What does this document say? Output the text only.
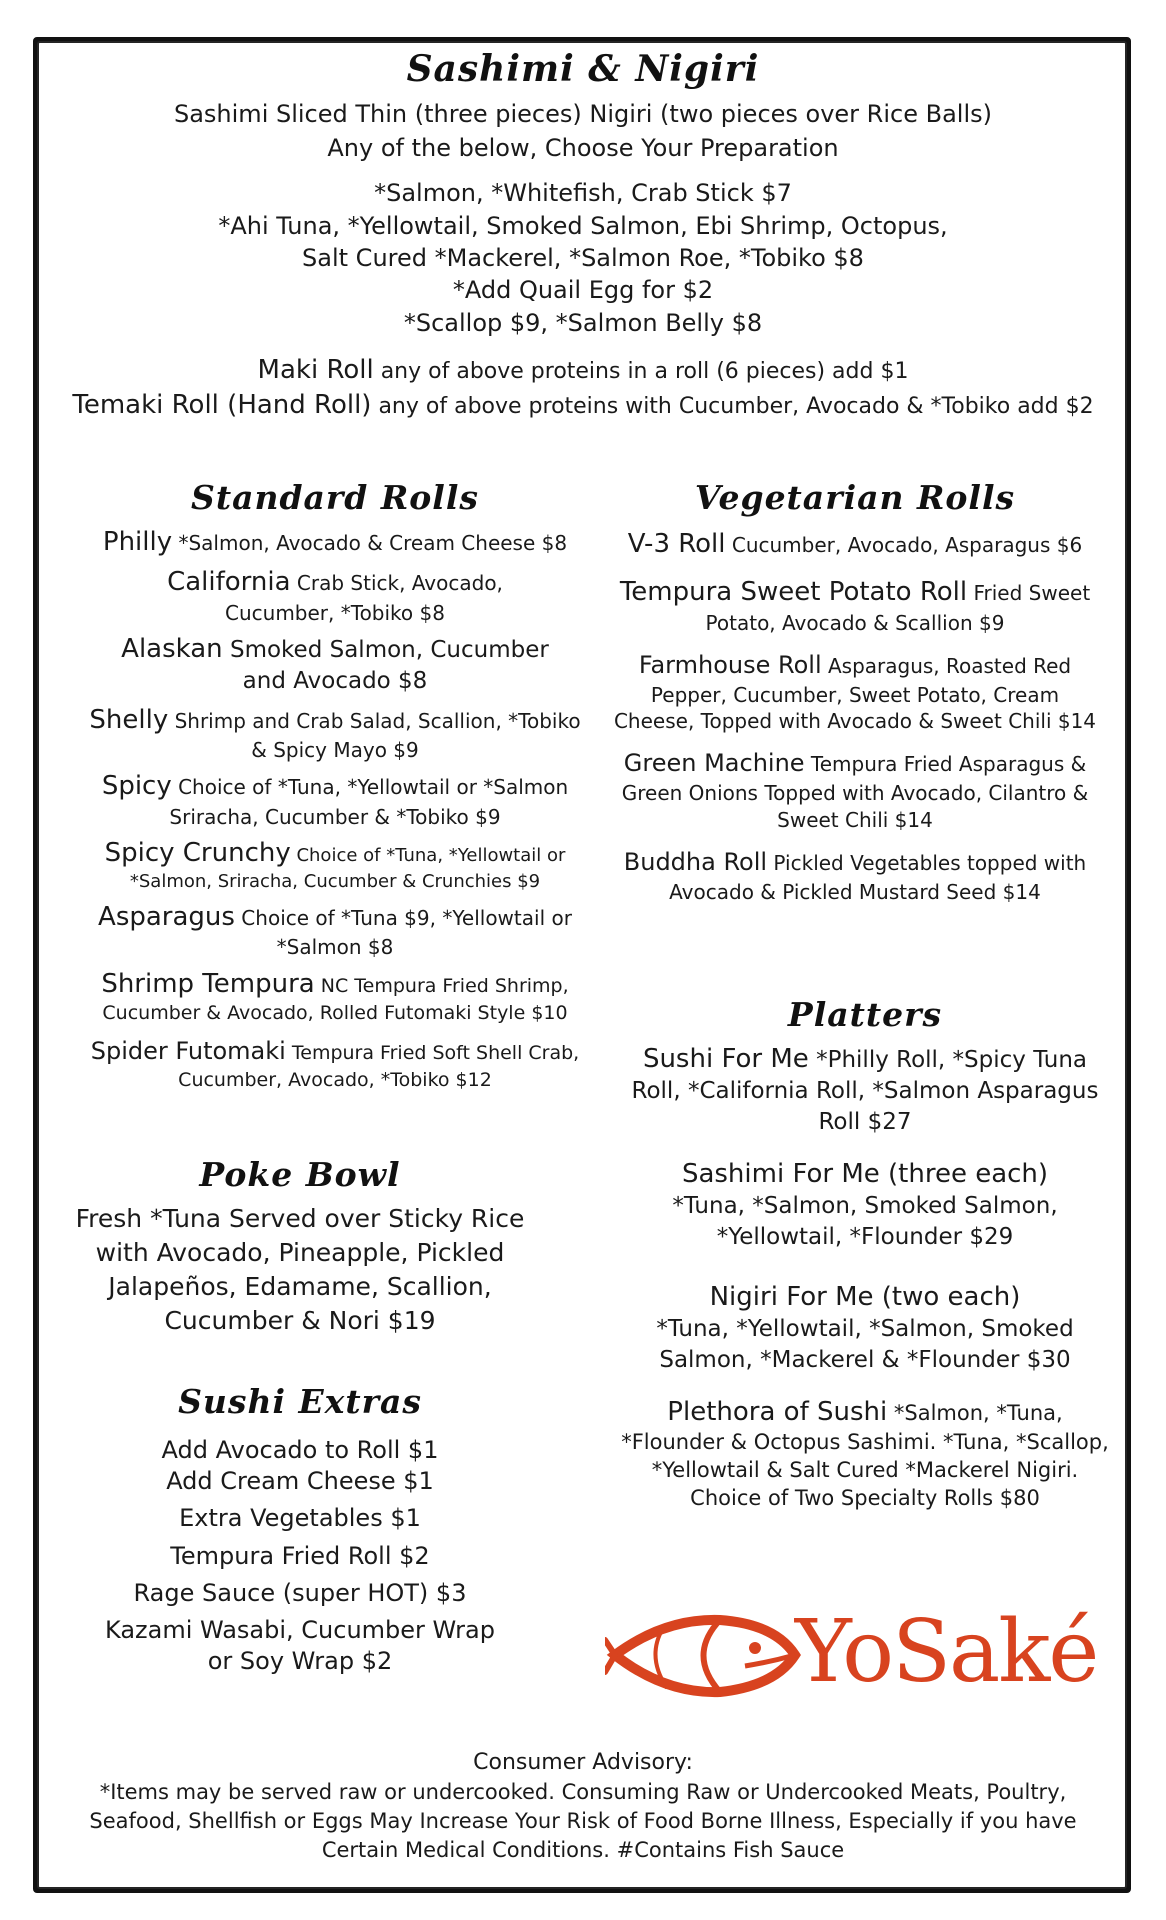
Sashimi & Nigiri
Sashimi Sliced Thin (three pieces) Nigiri (two pieces over Rice Balls)
Any of the below, Choose Your Preparation
*Salmon, *Whitefish, Crab Stick $7
*Ahi Tuna, *Yellowtail, Smoked Salmon, Ebi Shrimp, Octopus,
Salt Cured *Mackerel, *Salmon Roe, *Tobiko $8
*Add Quail Egg for $2
*Scallop $9, *Salmon Belly $8
Maki Roll any of above proteins in a roll (6 pieces) add $1
Temaki Roll (Hand Roll) any of above proteins with Cucumber, Avocado & *Tobiko add $2
Standard Rolls
Philly *Salmon, Avocado & Cream Cheese $8
California Crab Stick, Avocado, Cucumber, *Tobiko $8
Alaskan Smoked Salmon, Cucumber and Avocado $8
Shelly Shrimp and Crab Salad, Scallion, *Tobiko & Spicy Mayo $9
Spicy Choice of *Tuna, *Yellowtail or *Salmon Sriracha, Cucumber & *Tobiko $9
Spicy Crunchy Choice of *Tuna, *Yellowtail or *Salmon, Sriracha, Cucumber & Crunchies $9
Asparagus Choice of *Tuna $9, *Yellowtail or *Salmon $8
Shrimp Tempura NC Tempura Fried Shrimp, Cucumber & Avocado, Rolled Futomaki Style $10
Spider Futomaki Tempura Fried Soft Shell Crab, Cucumber, Avocado, *Tobiko $12
Vegetarian Rolls
V-3 Roll Cucumber, Avocado, Asparagus $6
Tempura Sweet Potato Roll Fried Sweet Potato, Avocado & Scallion $9
Farmhouse Roll Asparagus, Roasted Red Pepper, Cucumber, Sweet Potato, Cream Cheese, Topped with Avocado & Sweet Chili $14
Green Machine Tempura Fried Asparagus & Green Onions Topped with Avocado, Cilantro & Sweet Chili $14
Buddha Roll Pickled Vegetables topped with Avocado & Pickled Mustard Seed $14
Poke Bowl
Fresh *Tuna Served over Sticky Rice with Avocado, Pineapple, Pickled Jalapeños, Edamame, Scallion, Cucumber & Nori $19
Sushi Extras
Add Avocado to Roll $1
Add Cream Cheese $1
Extra Vegetables $1
Tempura Fried Roll $2
Rage Sauce (super HOT) $3
Kazami Wasabi, Cucumber Wrap or Soy Wrap $2
Platters
Sushi For Me *Philly Roll, *Spicy Tuna Roll, *California Roll, *Salmon Asparagus Roll $27
Sashimi For Me (three each)
*Tuna, *Salmon, Smoked Salmon, *Yellowtail, *Flounder $29
Nigiri For Me (two each)
*Tuna, *Yellowtail, *Salmon, Smoked Salmon, *Mackerel & *Flounder $30
Plethora of Sushi *Salmon, *Tuna, *Flounder & Octopus Sashimi. *Tuna, *Scallop, *Yellowtail & Salt Cured *Mackerel Nigiri. Choice of Two Specialty Rolls $80
YoSaké
Consumer Advisory:
*Items may be served raw or undercooked. Consuming Raw or Undercooked Meats, Poultry, Seafood, Shellfish or Eggs May Increase Your Risk of Food Borne Illness, Especially if you have Certain Medical Conditions. #Contains Fish Sauce
